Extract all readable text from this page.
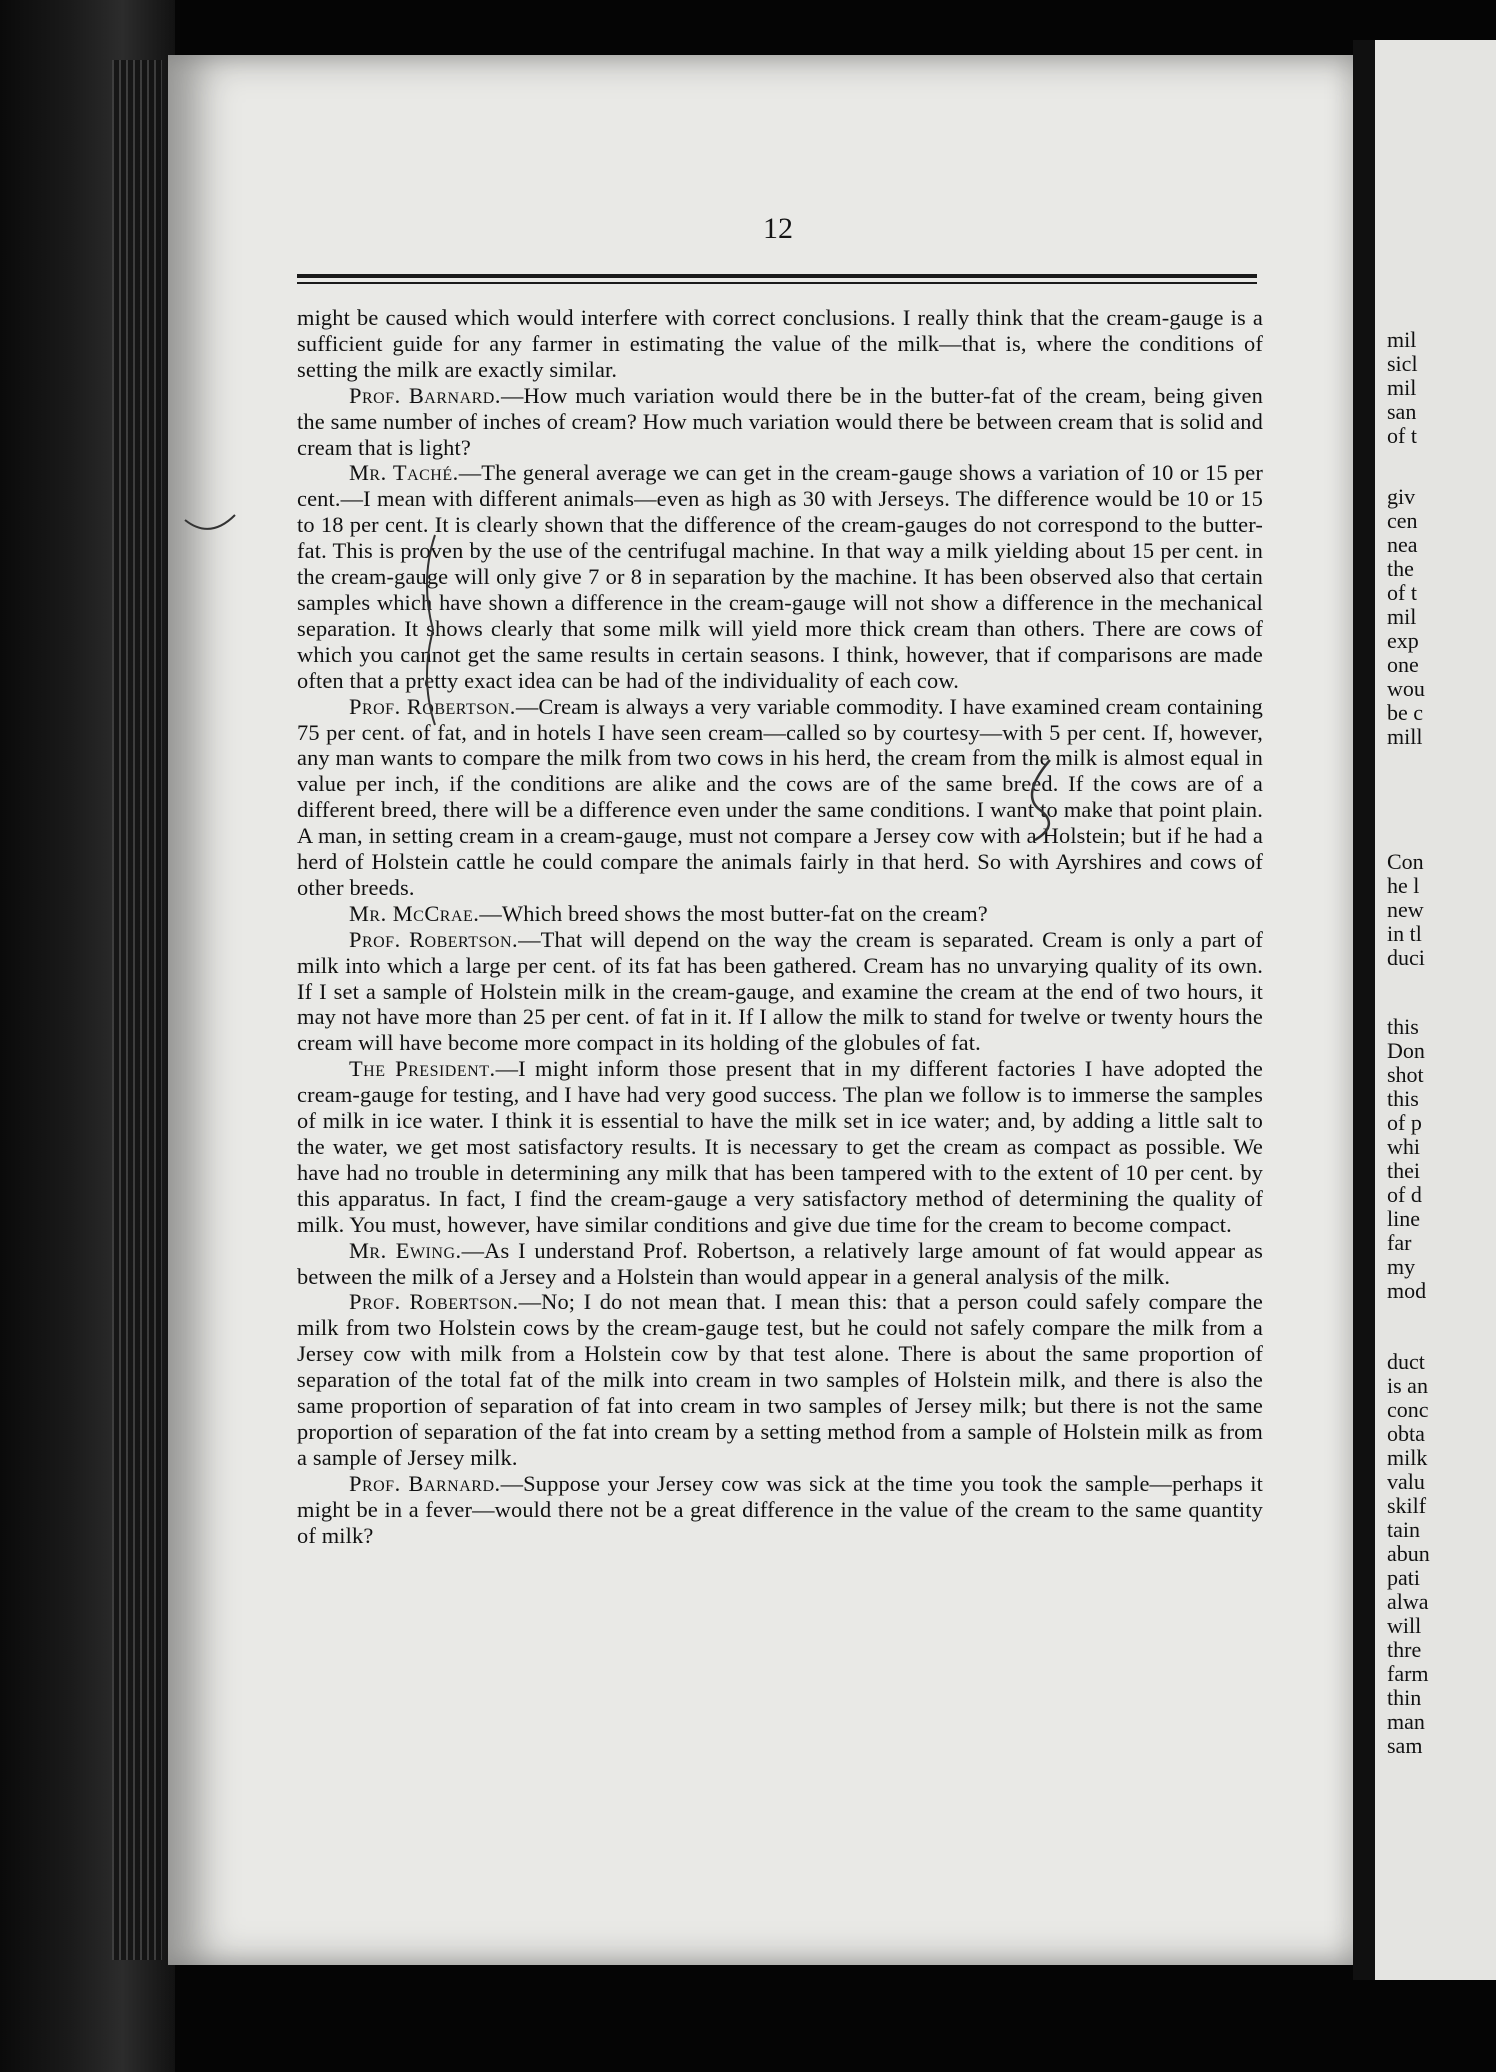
12

might be caused which would interfere with correct conclusions. I really think that the cream-gauge is a sufficient guide for any farmer in estimating the value of the milk—that is, where the conditions of setting the milk are exactly similar.

Prof. Barnard.—How much variation would there be in the butter-fat of the cream, being given the same number of inches of cream? How much variation would there be between cream that is solid and cream that is light?

Mr. Taché.—The general average we can get in the cream-gauge shows a variation of 10 or 15 per cent.—I mean with different animals—even as high as 30 with Jerseys. The difference would be 10 or 15 to 18 per cent. It is clearly shown that the difference of the cream-gauges do not correspond to the butter-fat. This is proven by the use of the centrifugal machine. In that way a milk yielding about 15 per cent. in the cream-gauge will only give 7 or 8 in separation by the machine. It has been observed also that certain samples which have shown a difference in the cream-gauge will not show a difference in the mechanical separation. It shows clearly that some milk will yield more thick cream than others. There are cows of which you cannot get the same results in certain seasons. I think, however, that if comparisons are made often that a pretty exact idea can be had of the individuality of each cow.

Prof. Robertson.—Cream is always a very variable commodity. I have examined cream containing 75 per cent. of fat, and in hotels I have seen cream—called so by courtesy—with 5 per cent. If, however, any man wants to compare the milk from two cows in his herd, the cream from the milk is almost equal in value per inch, if the conditions are alike and the cows are of the same breed. If the cows are of a different breed, there will be a difference even under the same conditions. I want to make that point plain. A man, in setting cream in a cream-gauge, must not compare a Jersey cow with a Holstein; but if he had a herd of Holstein cattle he could compare the animals fairly in that herd. So with Ayrshires and cows of other breeds.

Mr. McCrae.—Which breed shows the most butter-fat on the cream?

Prof. Robertson.—That will depend on the way the cream is separated. Cream is only a part of milk into which a large per cent. of its fat has been gathered. Cream has no unvarying quality of its own. If I set a sample of Holstein milk in the cream-gauge, and examine the cream at the end of two hours, it may not have more than 25 per cent. of fat in it. If I allow the milk to stand for twelve or twenty hours the cream will have become more compact in its holding of the globules of fat.

The President.—I might inform those present that in my different factories I have adopted the cream-gauge for testing, and I have had very good success. The plan we follow is to immerse the samples of milk in ice water. I think it is essential to have the milk set in ice water; and, by adding a little salt to the water, we get most satisfactory results. It is necessary to get the cream as compact as possible. We have had no trouble in determining any milk that has been tampered with to the extent of 10 per cent. by this apparatus. In fact, I find the cream-gauge a very satisfactory method of determining the quality of milk. You must, however, have similar conditions and give due time for the cream to become compact.

Mr. Ewing.—As I understand Prof. Robertson, a relatively large amount of fat would appear as between the milk of a Jersey and a Holstein than would appear in a general analysis of the milk.

Prof. Robertson.—No; I do not mean that. I mean this: that a person could safely compare the milk from two Holstein cows by the cream-gauge test, but he could not safely compare the milk from a Jersey cow with milk from a Holstein cow by that test alone. There is about the same proportion of separation of the total fat of the milk into cream in two samples of Holstein milk, and there is also the same proportion of separation of fat into cream in two samples of Jersey milk; but there is not the same proportion of separation of the fat into cream by a setting method from a sample of Holstein milk as from a sample of Jersey milk.

Prof. Barnard.—Suppose your Jersey cow was sick at the time you took the sample—perhaps it might be in a fever—would there not be a great difference in the value of the cream to the same quantity of milk?

mil
sicl
mil
san
of t
giv
cen
nea
the
of t
mil
exp
one
wou
be c
mill
Con
he l
new
in tl
duci
this
Don
shot
this
of p
whi
thei
of d
line
far
my
mod
duct
is an
conc
obta
milk
valu
skilf
tain
abun
pati
alwa
will
thre
farm
thin
man
sam
